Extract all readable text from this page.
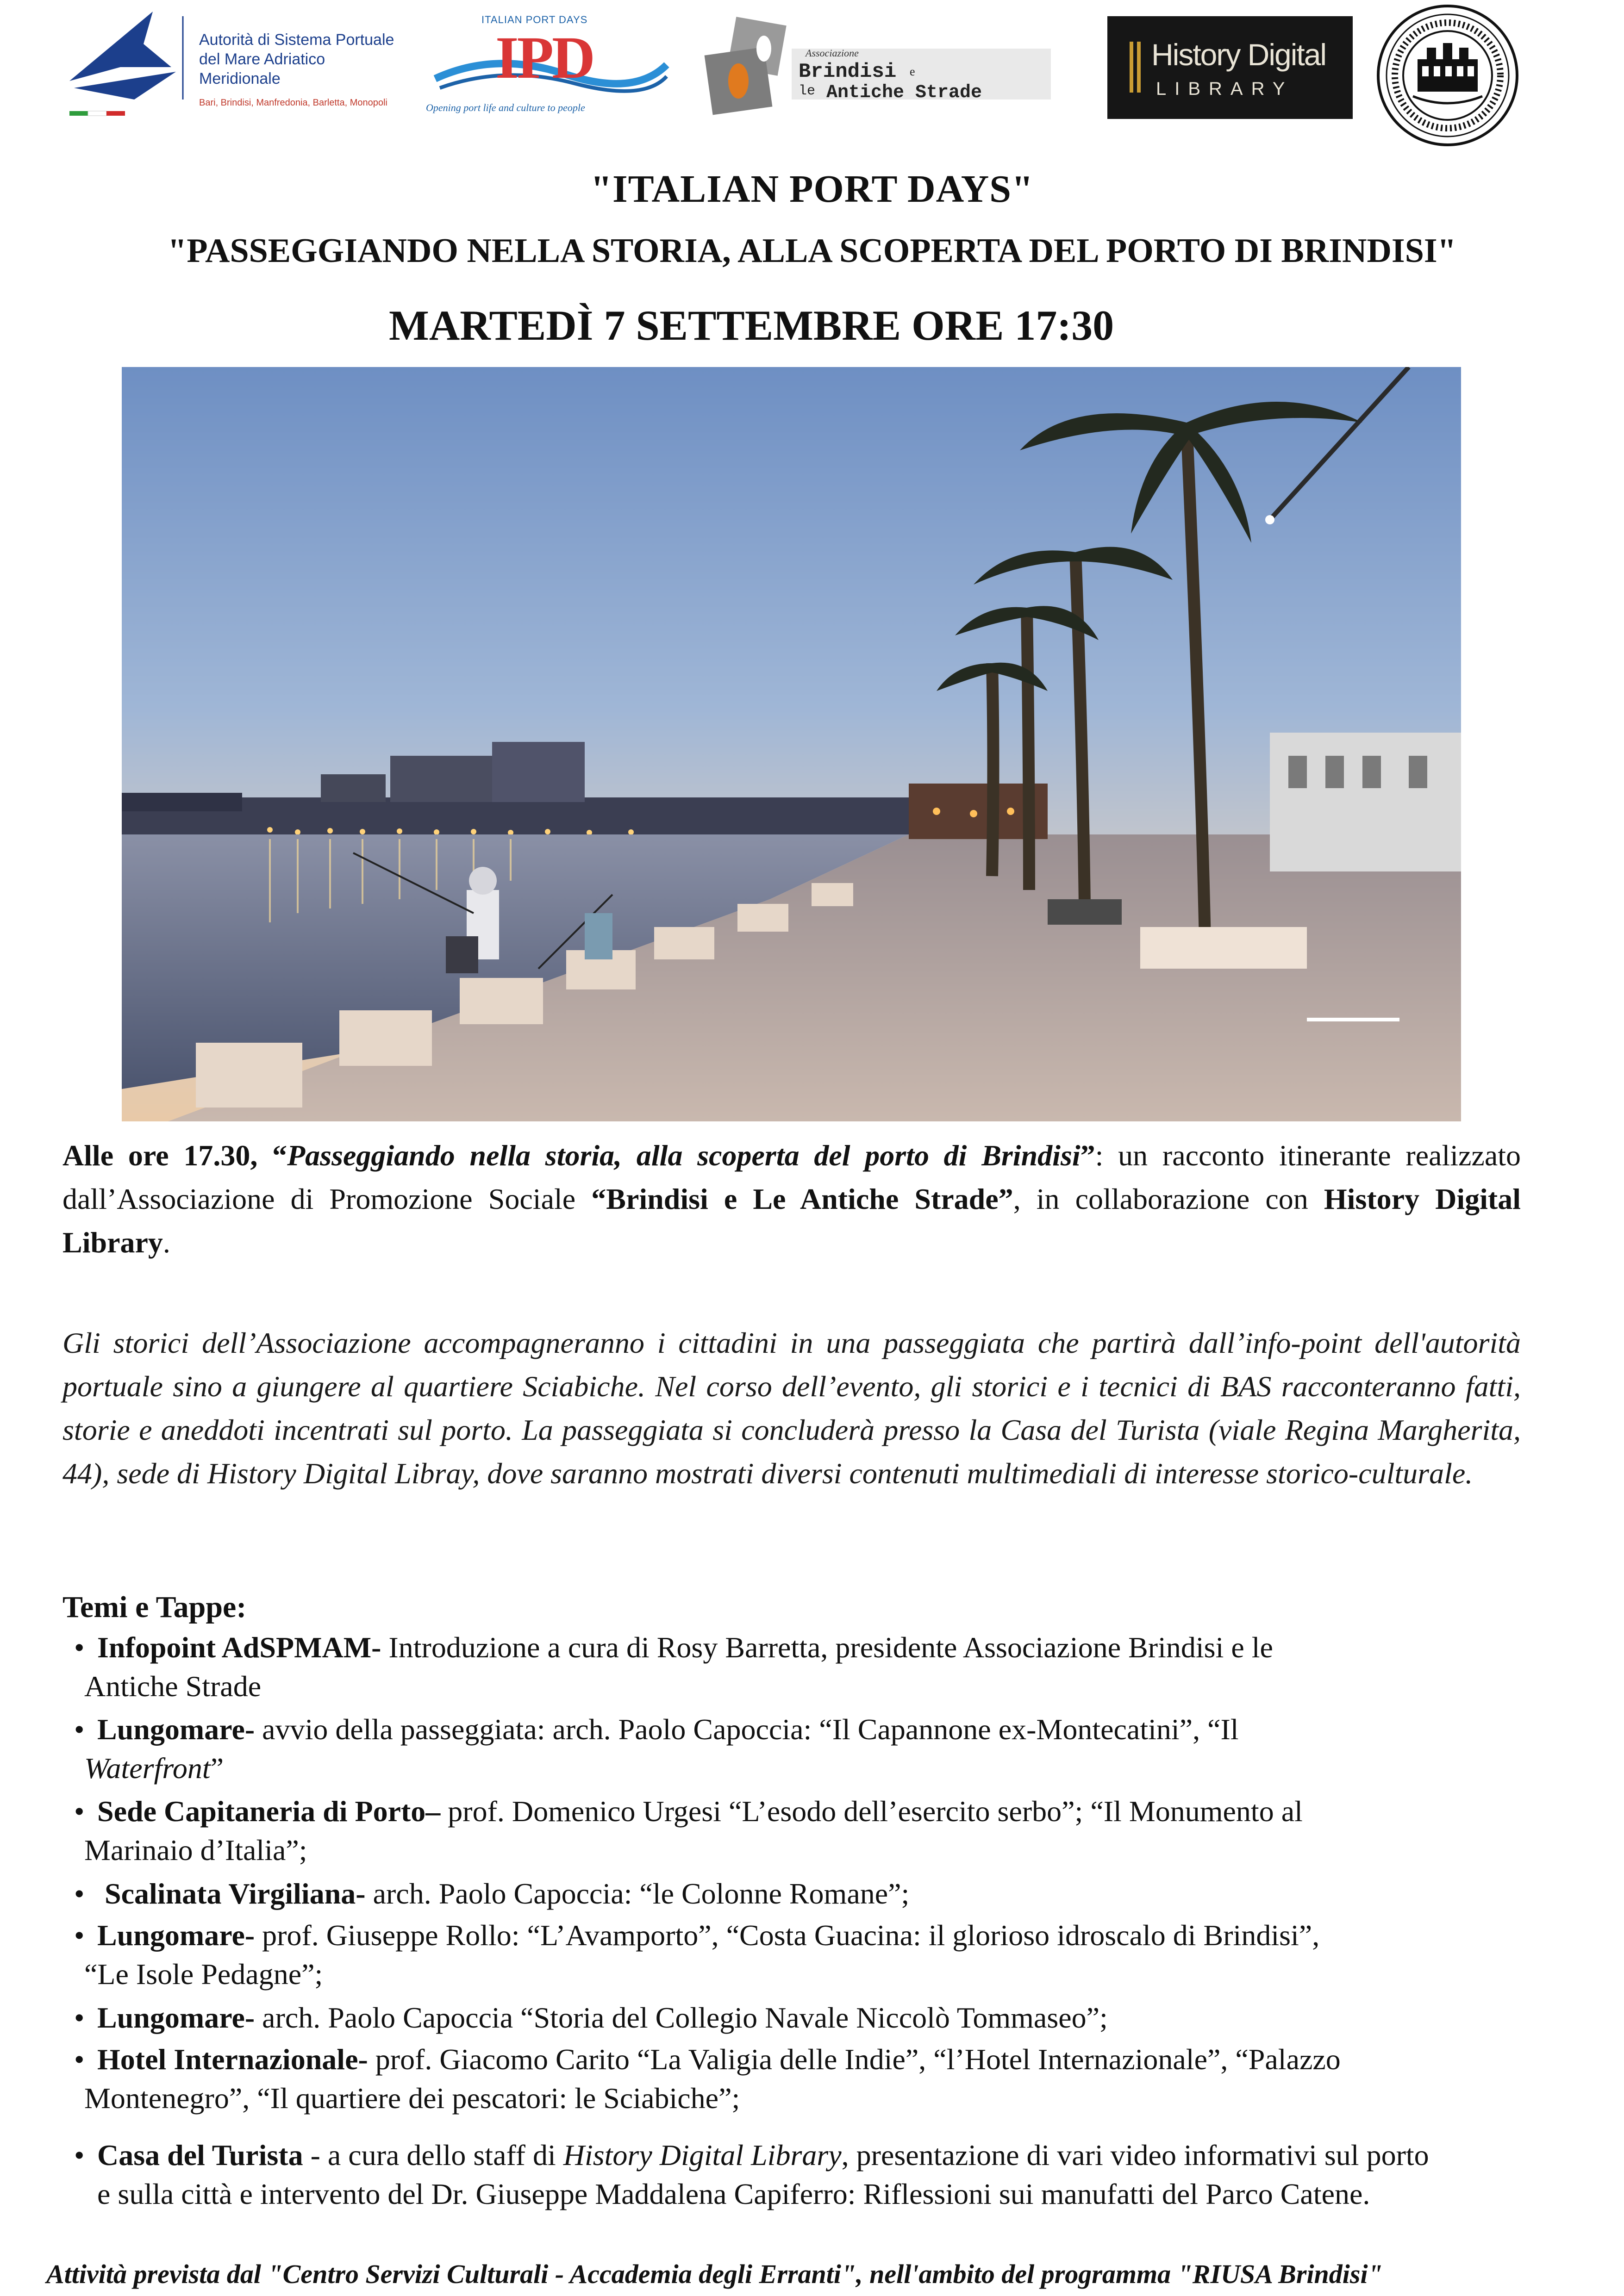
Autorità di Sistema Portuale
del Mare Adriatico Meridionale
Bari, Brindisi, Manfredonia, Barletta, Monopoli
ITALIAN PORT DAYS
IPD
Opening port life and culture to people
Associazione
Brindisi e
le Antiche Strade
History Digital
LIBRARY
"ITALIAN PORT DAYS"
"PASSEGGIANDO NELLA STORIA, ALLA SCOPERTA DEL PORTO DI BRINDISI"
MARTEDÌ 7 SETTEMBRE ORE 17:30
Alle ore 17.30, “Passeggiando nella storia, alla scoperta del porto di Brindisi”: un racconto itinerante realizzato dall’Associazione di Promozione Sociale “Brindisi e Le Antiche Strade”, in collaborazione con History Digital Library.
Gli storici dell’Associazione accompagneranno i cittadini in una passeggiata che partirà dall’info-point dell'autorità portuale sino a giungere al quartiere Sciabiche. Nel corso dell’evento, gli storici e i tecnici di BAS racconteranno fatti, storie e aneddoti incentrati sul porto. La passeggiata si concluderà presso la Casa del Turista (viale Regina Margherita, 44), sede di History Digital Libray, dove saranno mostrati diversi contenuti multimediali di interesse storico-culturale.
Temi e Tappe:
• Infopoint AdSPMAM- Introduzione a cura di Rosy Barretta, presidente Associazione Brindisi e le
Antiche Strade
• Lungomare- avvio della passeggiata: arch. Paolo Capoccia: “Il Capannone ex-Montecatini”, “Il
Waterfront”
• Sede Capitaneria di Porto– prof. Domenico Urgesi “L’esodo dell’esercito serbo”; “Il Monumento al
Marinaio d’Italia”;
• Scalinata Virgiliana- arch. Paolo Capoccia: “le Colonne Romane”;
• Lungomare- prof. Giuseppe Rollo: “L’Avamporto”, “Costa Guacina: il glorioso idroscalo di Brindisi”,
“Le Isole Pedagne”;
• Lungomare- arch. Paolo Capoccia “Storia del Collegio Navale Niccolò Tommaseo”;
• Hotel Internazionale- prof. Giacomo Carito “La Valigia delle Indie”, “l’Hotel Internazionale”, “Palazzo
Montenegro”, “Il quartiere dei pescatori: le Sciabiche”;
• Casa del Turista - a cura dello staff di History Digital Library, presentazione di vari video informativi sul porto
e sulla città e intervento del Dr. Giuseppe Maddalena Capiferro: Riflessioni sui manufatti del Parco Catene.
Attività prevista dal "Centro Servizi Culturali - Accademia degli Erranti", nell'ambito del programma "RIUSA Brindisi"
